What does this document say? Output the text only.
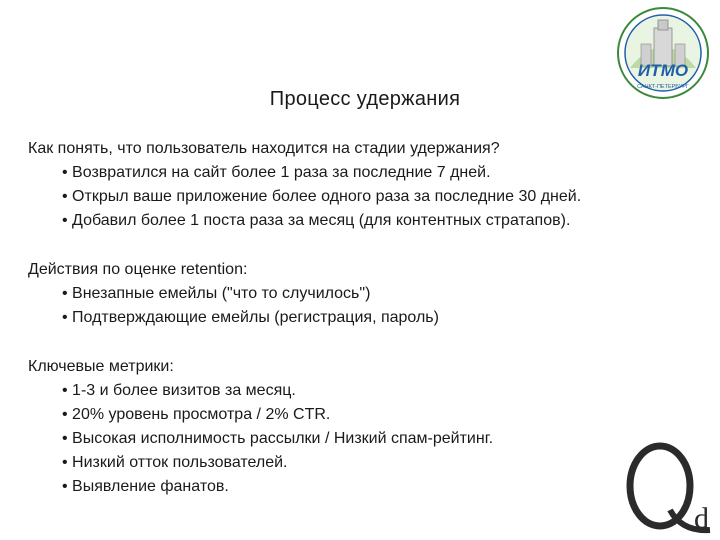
ИТМО
САНКТ-ПЕТЕРБУРГ
Процесс удержания
Как понять, что пользователь находится на стадии удержания?
• Возвратился на сайт более 1 раза за последние 7 дней.
• Открыл ваше приложение более одного раза за последние 30 дней.
• Добавил более 1 поста раза за месяц (для контентных стратапов).
Действия по оценке retention:
• Внезапные емейлы ("что то случилось")
• Подтверждающие емейлы (регистрация, пароль)
Ключевые метрики:
• 1-3 и более визитов за месяц.
• 20% уровень просмотра / 2% CTR.
• Высокая исполнимость рассылки / Низкий спам-рейтинг.
• Низкий отток пользователей.
• Выявление фанатов.
d
